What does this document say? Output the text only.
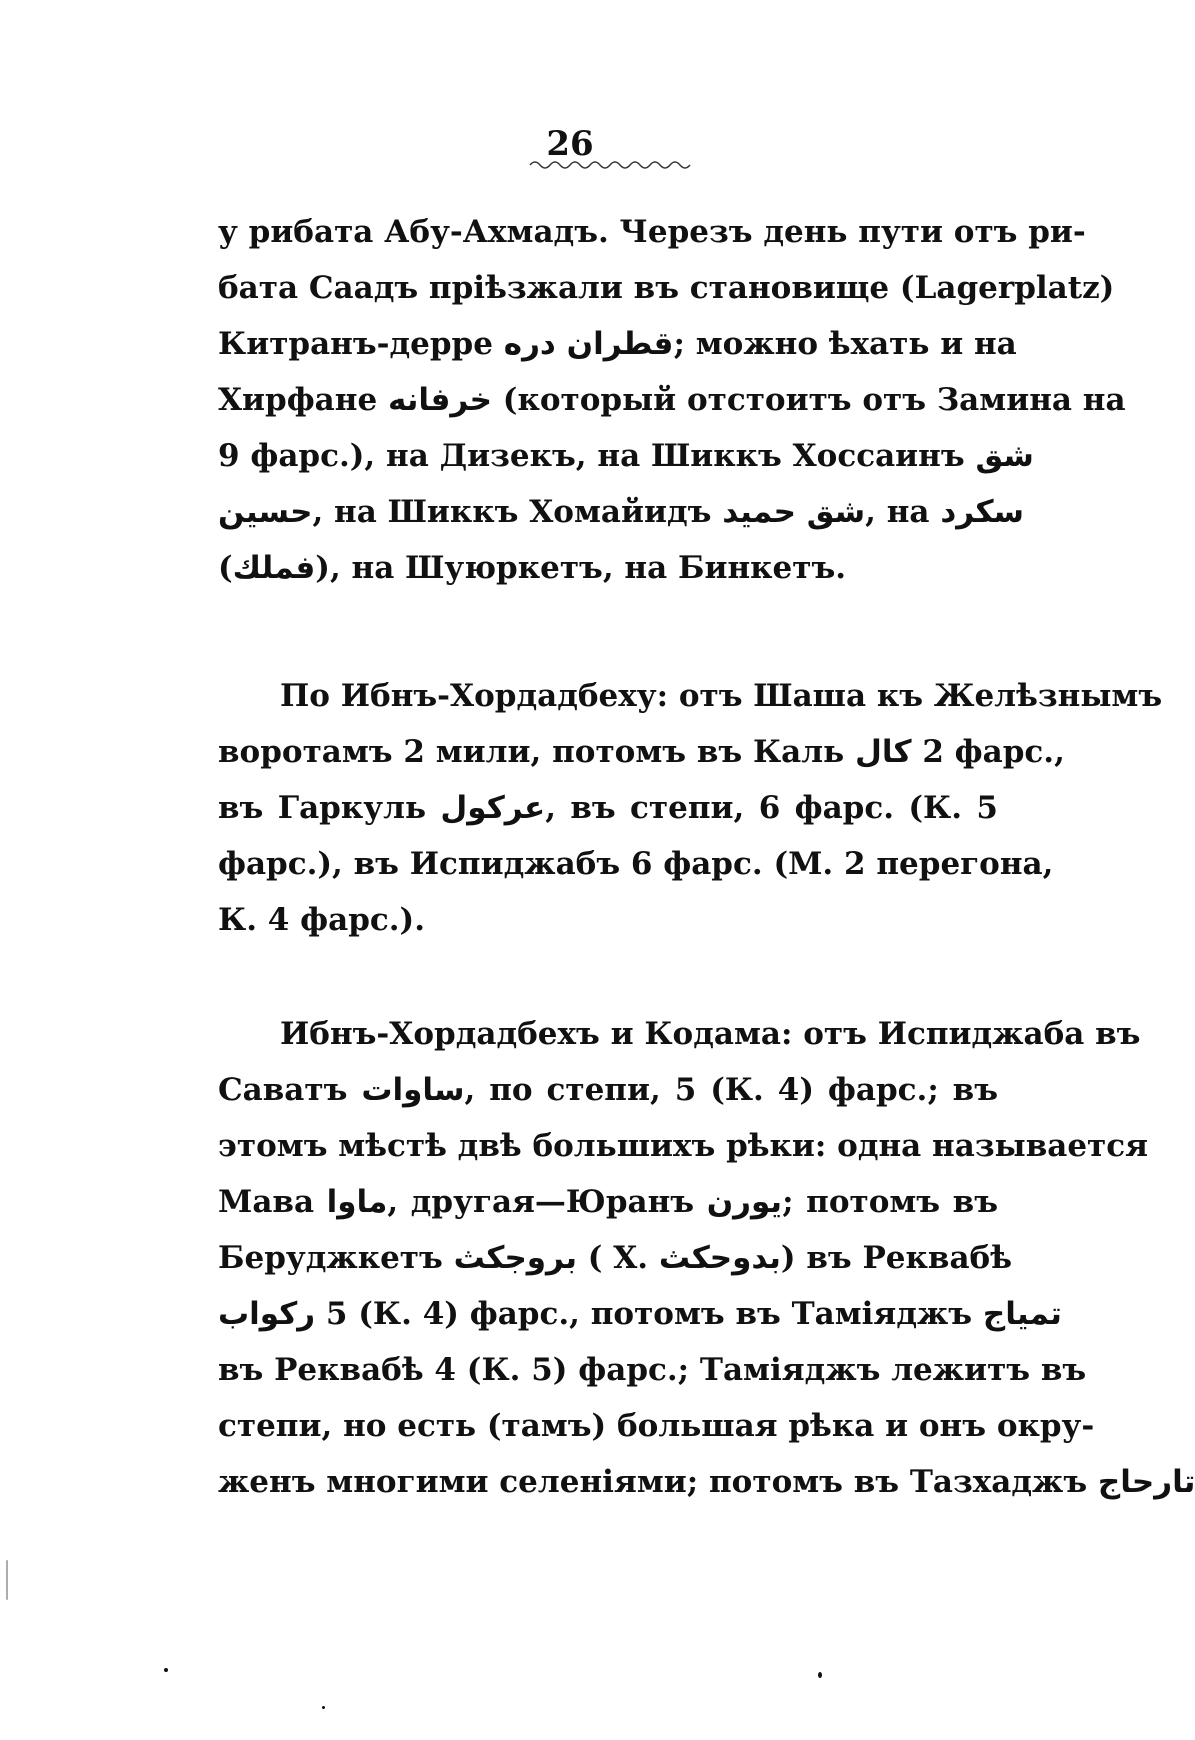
26
у рибата Абу-Ахмадъ. Черезъ день пути отъ ри-
бата Саадъ пріѣзжали въ становище (Lagerplatz)
Китранъ-дерре قطران دره; можно ѣхать и на
Хирфане خرفانه (который отстоитъ отъ Замина на
9 фарс.), на Дизекъ, на Шиккъ Хоссаинъ شق
حسين, на Шиккъ Хомайидъ شق حميد, на سكرد
(فملك), на Шуюркетъ, на Бинкетъ.
По Ибнъ-Хордадбеху: отъ Шаша къ Желѣзнымъ
воротамъ 2 мили, потомъ въ Каль كال 2 фарс.,
въ Гаркуль عركول, въ степи, 6 фарс. (К. 5
фарс.), въ Испиджабъ 6 фарс. (М. 2 перегона,
К. 4 фарс.).
Ибнъ-Хордадбехъ и Кодама: отъ Испиджаба въ
Саватъ ساوات, по степи, 5 (К. 4) фарс.; въ
этомъ мѣстѣ двѣ большихъ рѣки: одна называется
Мава ماوا, другая—Юранъ يورن; потомъ въ
Беруджкетъ بروجكث ( Х. بدوحكث) въ Реквабѣ
ركواب 5 (К. 4) фарс., потомъ въ Таміяджъ تمياج
въ Реквабѣ 4 (К. 5) фарс.; Таміяджъ лежитъ въ
степи, но есть (тамъ) большая рѣка и онъ окру-
женъ многими селеніями; потомъ въ Тазхаджъ تارحاج
